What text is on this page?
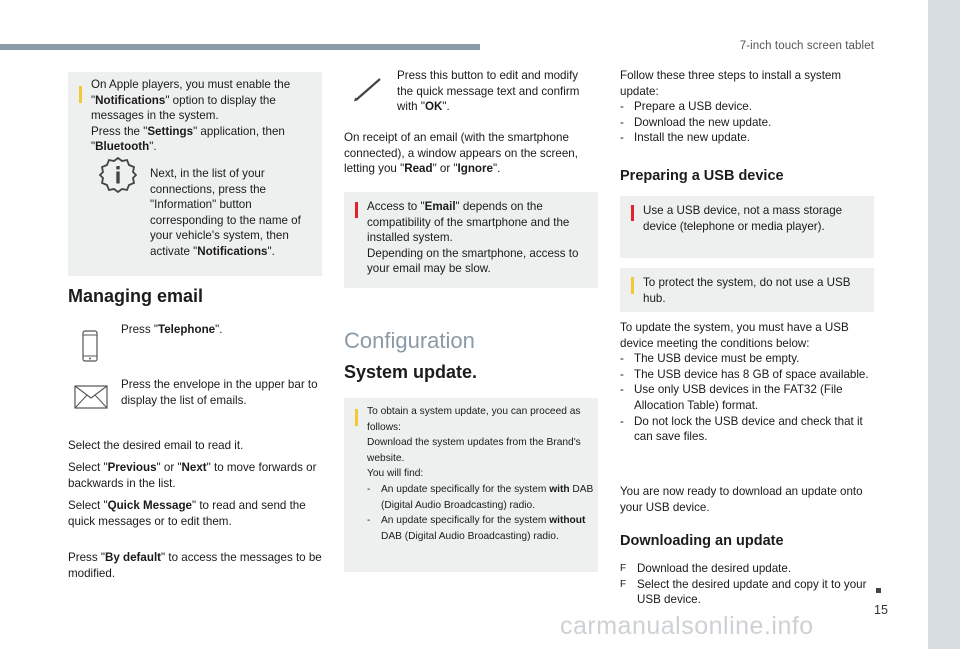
7-inch touch screen tablet
15
On Apple players, you must enable the "Notifications" option to display the messages in the system.
Press the "Settings" application, then "Bluetooth".
Next, in the list of your connections, press the "Information" button corresponding to the name of your vehicle's system, then activate "Notifications".
Managing email
Press "Telephone".
Press the envelope in the upper bar to display the list of emails.
Select the desired email to read it.
Select "Previous" or "Next" to move forwards or backwards in the list.
Select "Quick Message" to read and send the quick messages or to edit them.
Press "By default" to access the messages to be modified.
Press this button to edit and modify the quick message text and confirm with "OK".
On receipt of an email (with the smartphone connected), a window appears on the screen, letting you "Read" or "Ignore".
Access to "Email" depends on the compatibility of the smartphone and the installed system.
Depending on the smartphone, access to your email may be slow.
Configuration
System update.
To obtain a system update, you can proceed as follows:
Download the system updates from the Brand's website.
You will find:
- An update specifically for the system with DAB (Digital Audio Broadcasting) radio.
- An update specifically for the system without DAB (Digital Audio Broadcasting) radio.
Follow these three steps to install a system update:
- Prepare a USB device.
- Download the new update.
- Install the new update.
Preparing a USB device
Use a USB device, not a mass storage device (telephone or media player).
To protect the system, do not use a USB hub.
To update the system, you must have a USB device meeting the conditions below:
- The USB device must be empty.
- The USB device has 8 GB of space available.
- Use only USB devices in the FAT32 (File Allocation Table) format.
- Do not lock the USB device and check that it can save files.
You are now ready to download an update onto your USB device.
Downloading an update
F Download the desired update.
F Select the desired update and copy it to your USB device.
carmanualsonline.info
